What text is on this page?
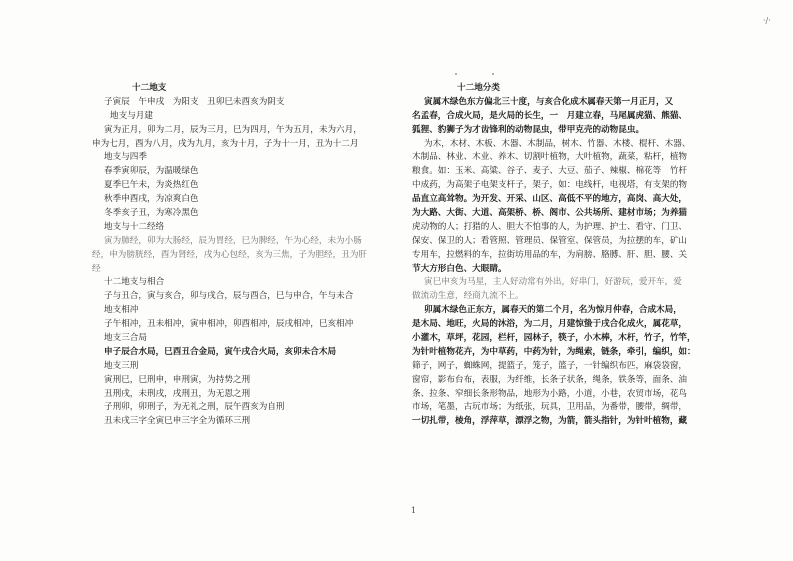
十二地支
子寅辰　午申戌　为阳支　丑卯巳未酉亥为阴支
地支与月建
寅为正月，卯为二月，辰为三月，巳为四月，午为五月，未为六月，
申为七月，酉为八月，戌为九月，亥为十月，子为十一月，丑为十二月
地支与四季
春季寅卯辰，为温暖绿色
夏季巳午未，为炎热红色
秋季申酉戌，为凉爽白色
冬季亥子丑，为寒冷黑色
地支与十二经络
寅为肺经，卯为大肠经，辰为胃经，巳为脾经，午为心经，未为小肠
经，申为膀胱经，酉为肾经，戌为心包经，亥为三焦，子为胆经，丑为肝
经
十二地支与相合
子与丑合，寅与亥合，卯与戌合，辰与酉合，巳与申合，午与未合
地支相冲
子午相冲，丑未相冲，寅申相冲，卯酉相冲，辰戌相冲，巳亥相冲
地支三合局
申子辰合水局，巳酉丑合金局，寅午戌合火局，亥卯未合木局
地支三刑
寅刑巳，巳刑申，申刑寅，为持势之刑
丑刑戌，未刑戌，戌刑丑，为无恩之刑
子刑卯，卯刑子，为无礼之刑，辰午酉亥为自刑
丑未戌三字全寅巳申三字全为循环三刑
十二地分类
寅属木绿色东方偏北三十度，与亥合化成木属春天第一月正月，又
名孟春，合成火局，是火局的长生，一　月建立春，马尾属虎猫、熊猫、
狐狸、豹狮子为才齿锋利的动物昆虫，带甲克壳的动物昆虫。
为木，木材、木板、木器、木制品，树木、竹器、木楼、棍杆、木器、
木制品、林业、木业、养木、切割叶植物，大叶植物，蔬菜，粘杆，植物
粮食。如：玉米、高粱、谷子、麦子、大豆、茄子、辣椒、棉花等　竹杆
中成药，为高架子电架支杆子，架子，如：电线杆，电视塔，有支架的物
品直立高耸物。为开发、开采、山区、高低不平的地方，高岗、高大处，
为大路、大街、大道、高架桥、桥、阁市、公共场所、建材市场；为养猫
虎动物的人；打猎的人、胆大不怕事的人，为护理、护士、看守、门卫、
保安、保卫的人；看管照、管理员、保管室、保管员，为拉摆的车，矿山
专用车，拉燃料的车，拉街坊用品的车，为肩膀、胳膊、肝、胆、腰、关
节大方形白色、大眼睛。
寅巳申亥为马星，主人好动常有外出，好串门，好游玩，爱开车，爱
做流动生意，经商九流不上。
卯属木绿色正东方，属春天的第二个月，名为惊月仲春，合成木局，
是木局、地旺，火局的沐浴，为二月，月建惊蛰于戌合化成火，属花草，
小灌木，草坪，花园，栏杆，园林子，筷子，小木棒，木杆，竹子，竹竿，
为针叶植物花卉，为中草药，中药为针，为绳索，链条，牵引，编织，如：
筛子，网子，蜘蛛网，提篮子，笼子，篮子，一针编织布匹，麻袋袋窗，
窗帘，影布台布，表服，为纤维，长条子状条，绳条，铁条等，面条、油
条、拉条、窄细长条形物品，地形为小路，小道，小巷，农贸市场，花鸟
市场，笔墨，古玩市场；为纸张，玩具，卫用品，为番带，腰带，绸带，
一切扎带，棱角，浮萍草，漂浮之物，为箭，箭头指针，为针叶植物，藏
1
·/·
